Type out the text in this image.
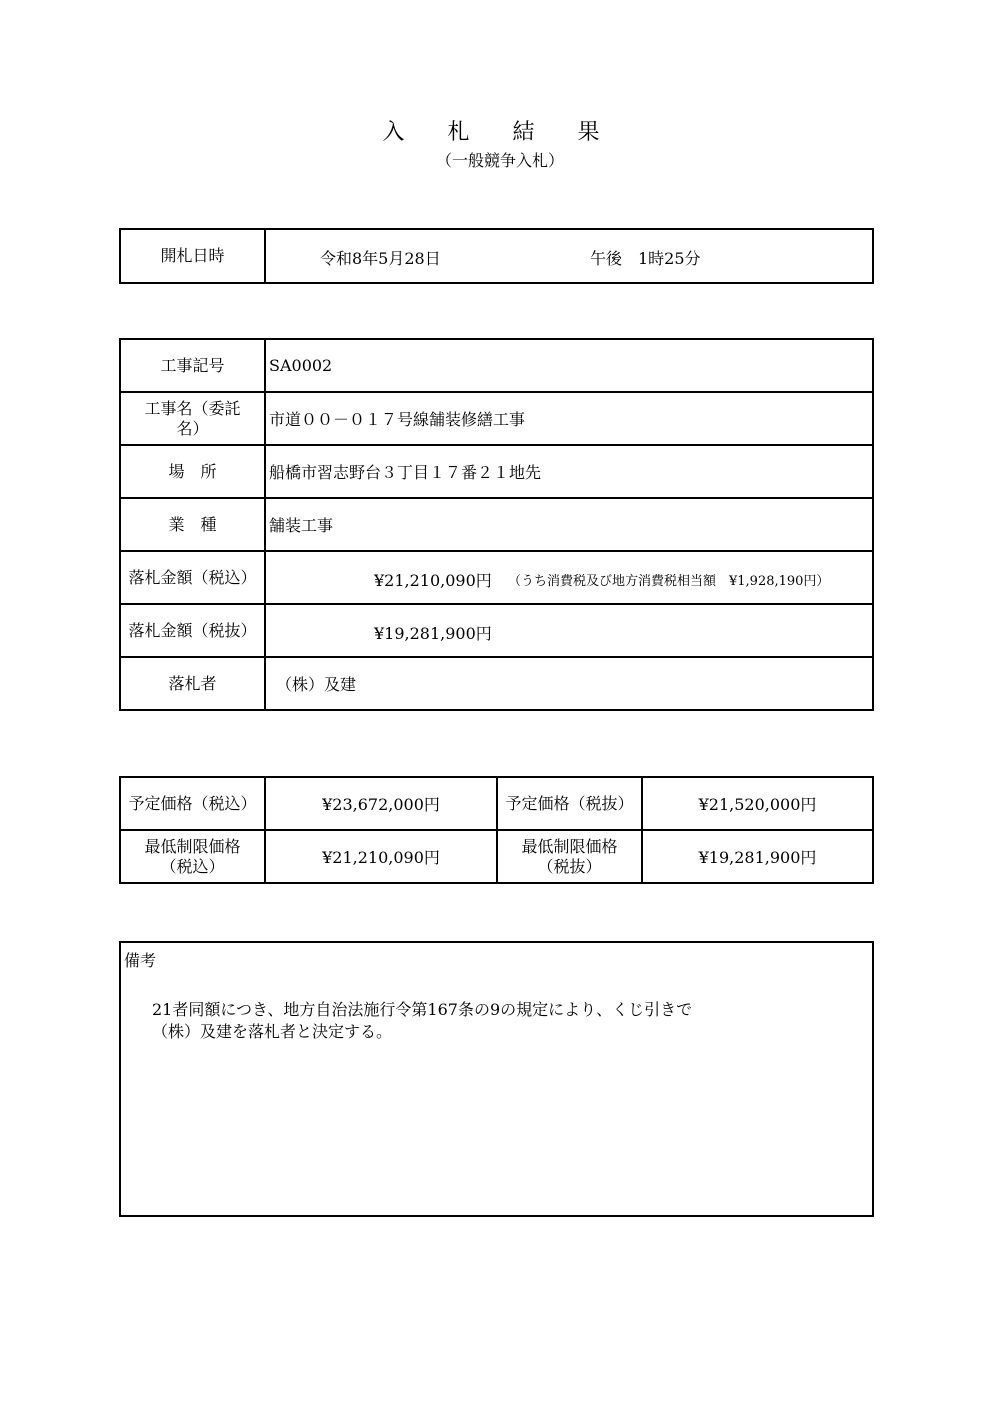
入 札 結 果
（一般競争入札）
開札日時	令和8年5月28日	午後　1時25分
工事記号	SA0002
工事名（委託名）	市道００－０１７号線舗装修繕工事
場　所	船橋市習志野台３丁目１７番２１地先
業　種	舗装工事
落札金額（税込）	¥21,210,090円 （うち消費税及び地方消費税相当額　¥1,928,190円）

落札金額（税抜）	¥19,281,900円

落札者	（株）及建
予定価格（税込）	¥23,672,000円	予定価格（税抜）	¥21,520,000円
最低制限価格（税込）	¥21,210,090円	最低制限価格（税抜）	¥19,281,900円
備考
21者同額につき、地方自治法施行令第167条の9の規定により、くじ引きで
（株）及建を落札者と決定する。
